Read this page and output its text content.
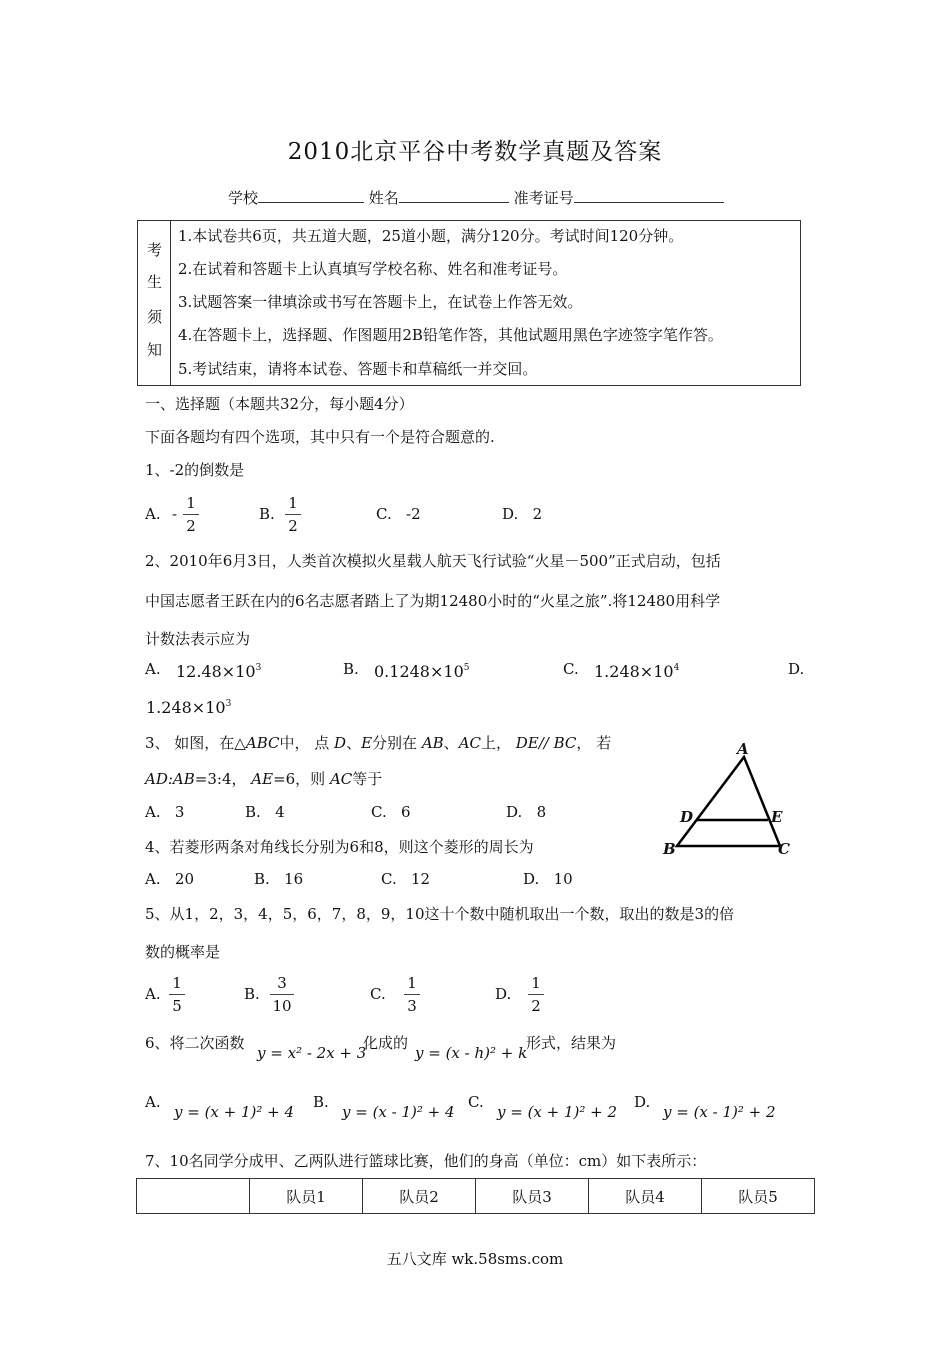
2010北京平谷中考数学真题及答案
学校	姓名	准考证号
考
生
须
知
1.本试卷共6页，共五道大题，25道小题，满分120分。考试时间120分钟。
2.在试着和答题卡上认真填写学校名称、姓名和准考证号。
3.试题答案一律填涂或书写在答题卡上，在试卷上作答无效。
4.在答题卡上，选择题、作图题用2B铅笔作答，其他试题用黑色字迹签字笔作答。
5.考试结束，请将本试卷、答题卡和草稿纸一并交回。
一、选择题（本题共32分，每小题4分）
下面各题均有四个选项，其中只有一个是符合题意的.
1、-2的倒数是
A. -
1
2
B.
1
2
C.   -2	D.   2
2、2010年6月3日，人类首次模拟火星载人航天飞行试验“火星－500”正式启动，包括
中国志愿者王跃在内的6名志愿者踏上了为期12480小时的“火星之旅”.将12480用科学
计数法表示应为
A. $12.48\times 10^3$	B. $0.1248\times 10^5$	C. $1.248\times 10^4$	D.
$1.248\times 10^3$
3、 如图，在△ABC中， 点 D、E分别在 AB、AC上， DE// BC， 若
AD:AB=3:4， AE=6，则 AC等于
A.   3	B.   4	C.   6	D.   8
A
B	C
D	E
4、若菱形两条对角线长分别为6和8，则这个菱形的周长为
A.   20	B.   16	C.   12	D.   10
5、从1，2，3，4，5，6，7，8，9，10这十个数中随机取出一个数，取出的数是3的倍
数的概率是
A.
1
5
B.
3
10
C.
1
3
D.
1
2
6、将二次函数
y = x² - 2x + 3
化成的
y = (x - h)² + k
形式，结果为
A.
y = (x + 1)² + 4
B.
y = (x - 1)² + 4
C.
y = (x + 1)² + 2
D.
y = (x - 1)² + 2
7、10名同学分成甲、乙两队进行篮球比赛，他们的身高（单位：cm）如下表所示：
	队员1	队员2	队员3	队员4	队员5
五八文库 wk.58sms.com
